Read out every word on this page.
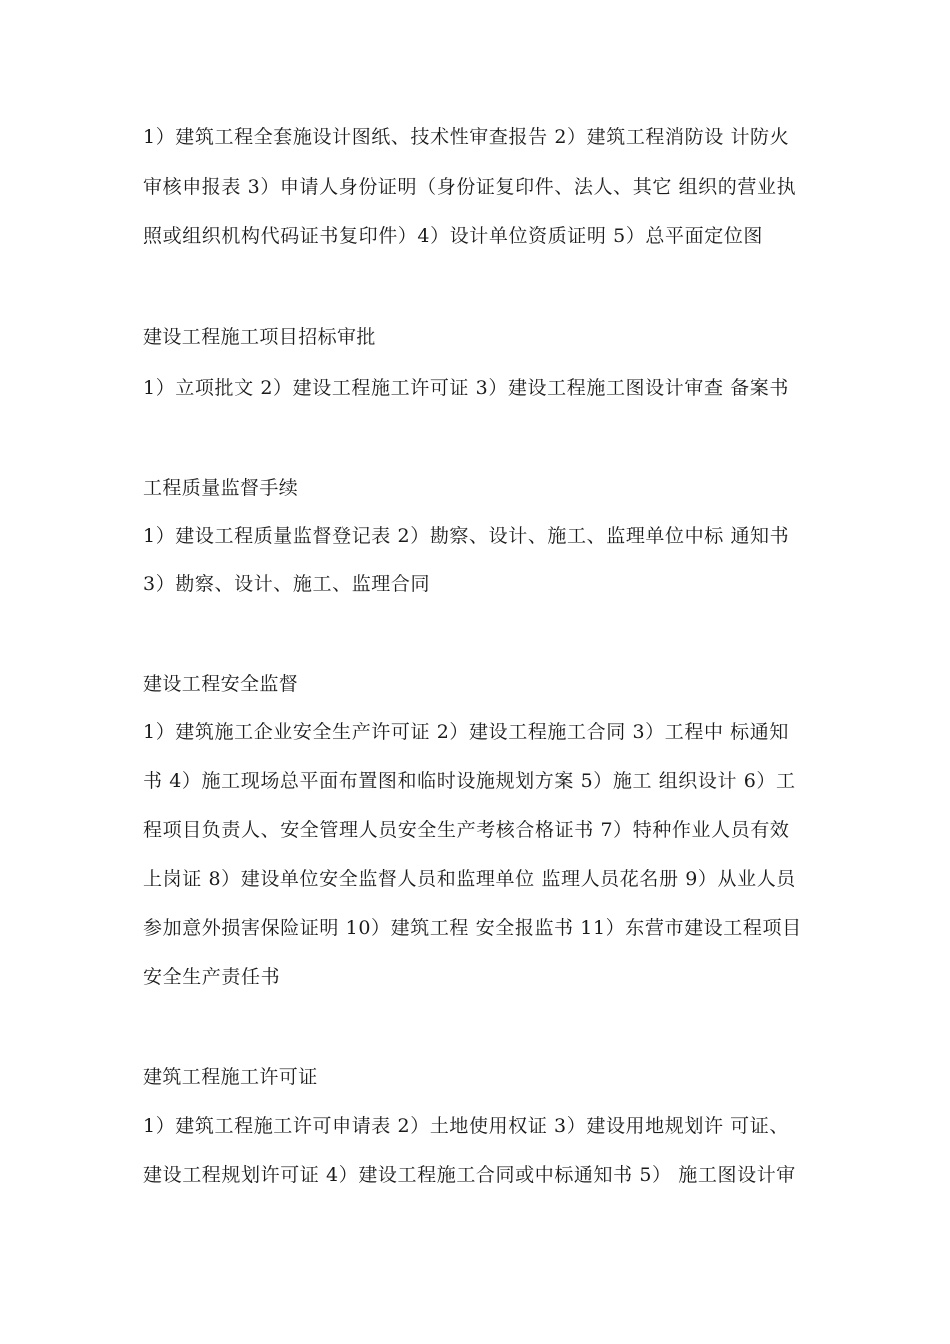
1）建筑工程全套施设计图纸、技术性审查报告 2）建筑工程消防设 计防火
审核申报表 3）申请人身份证明（身份证复印件、法人、其它 组织的营业执
照或组织机构代码证书复印件）4）设计单位资质证明 5）总平面定位图
建设工程施工项目招标审批
1）立项批文 2）建设工程施工许可证 3）建设工程施工图设计审查 备案书
工程质量监督手续
1）建设工程质量监督登记表 2）勘察、设计、施工、监理单位中标 通知书
3）勘察、设计、施工、监理合同
建设工程安全监督
1）建筑施工企业安全生产许可证 2）建设工程施工合同 3）工程中 标通知
书 4）施工现场总平面布置图和临时设施规划方案 5）施工 组织设计 6）工
程项目负责人、安全管理人员安全生产考核合格证书 7）特种作业人员有效
上岗证 8）建设单位安全监督人员和监理单位 监理人员花名册 9）从业人员
参加意外损害保险证明 10）建筑工程 安全报监书 11）东营市建设工程项目
安全生产责任书
建筑工程施工许可证
1）建筑工程施工许可申请表 2）土地使用权证 3）建设用地规划许 可证、
建设工程规划许可证 4）建设工程施工合同或中标通知书 5） 施工图设计审
